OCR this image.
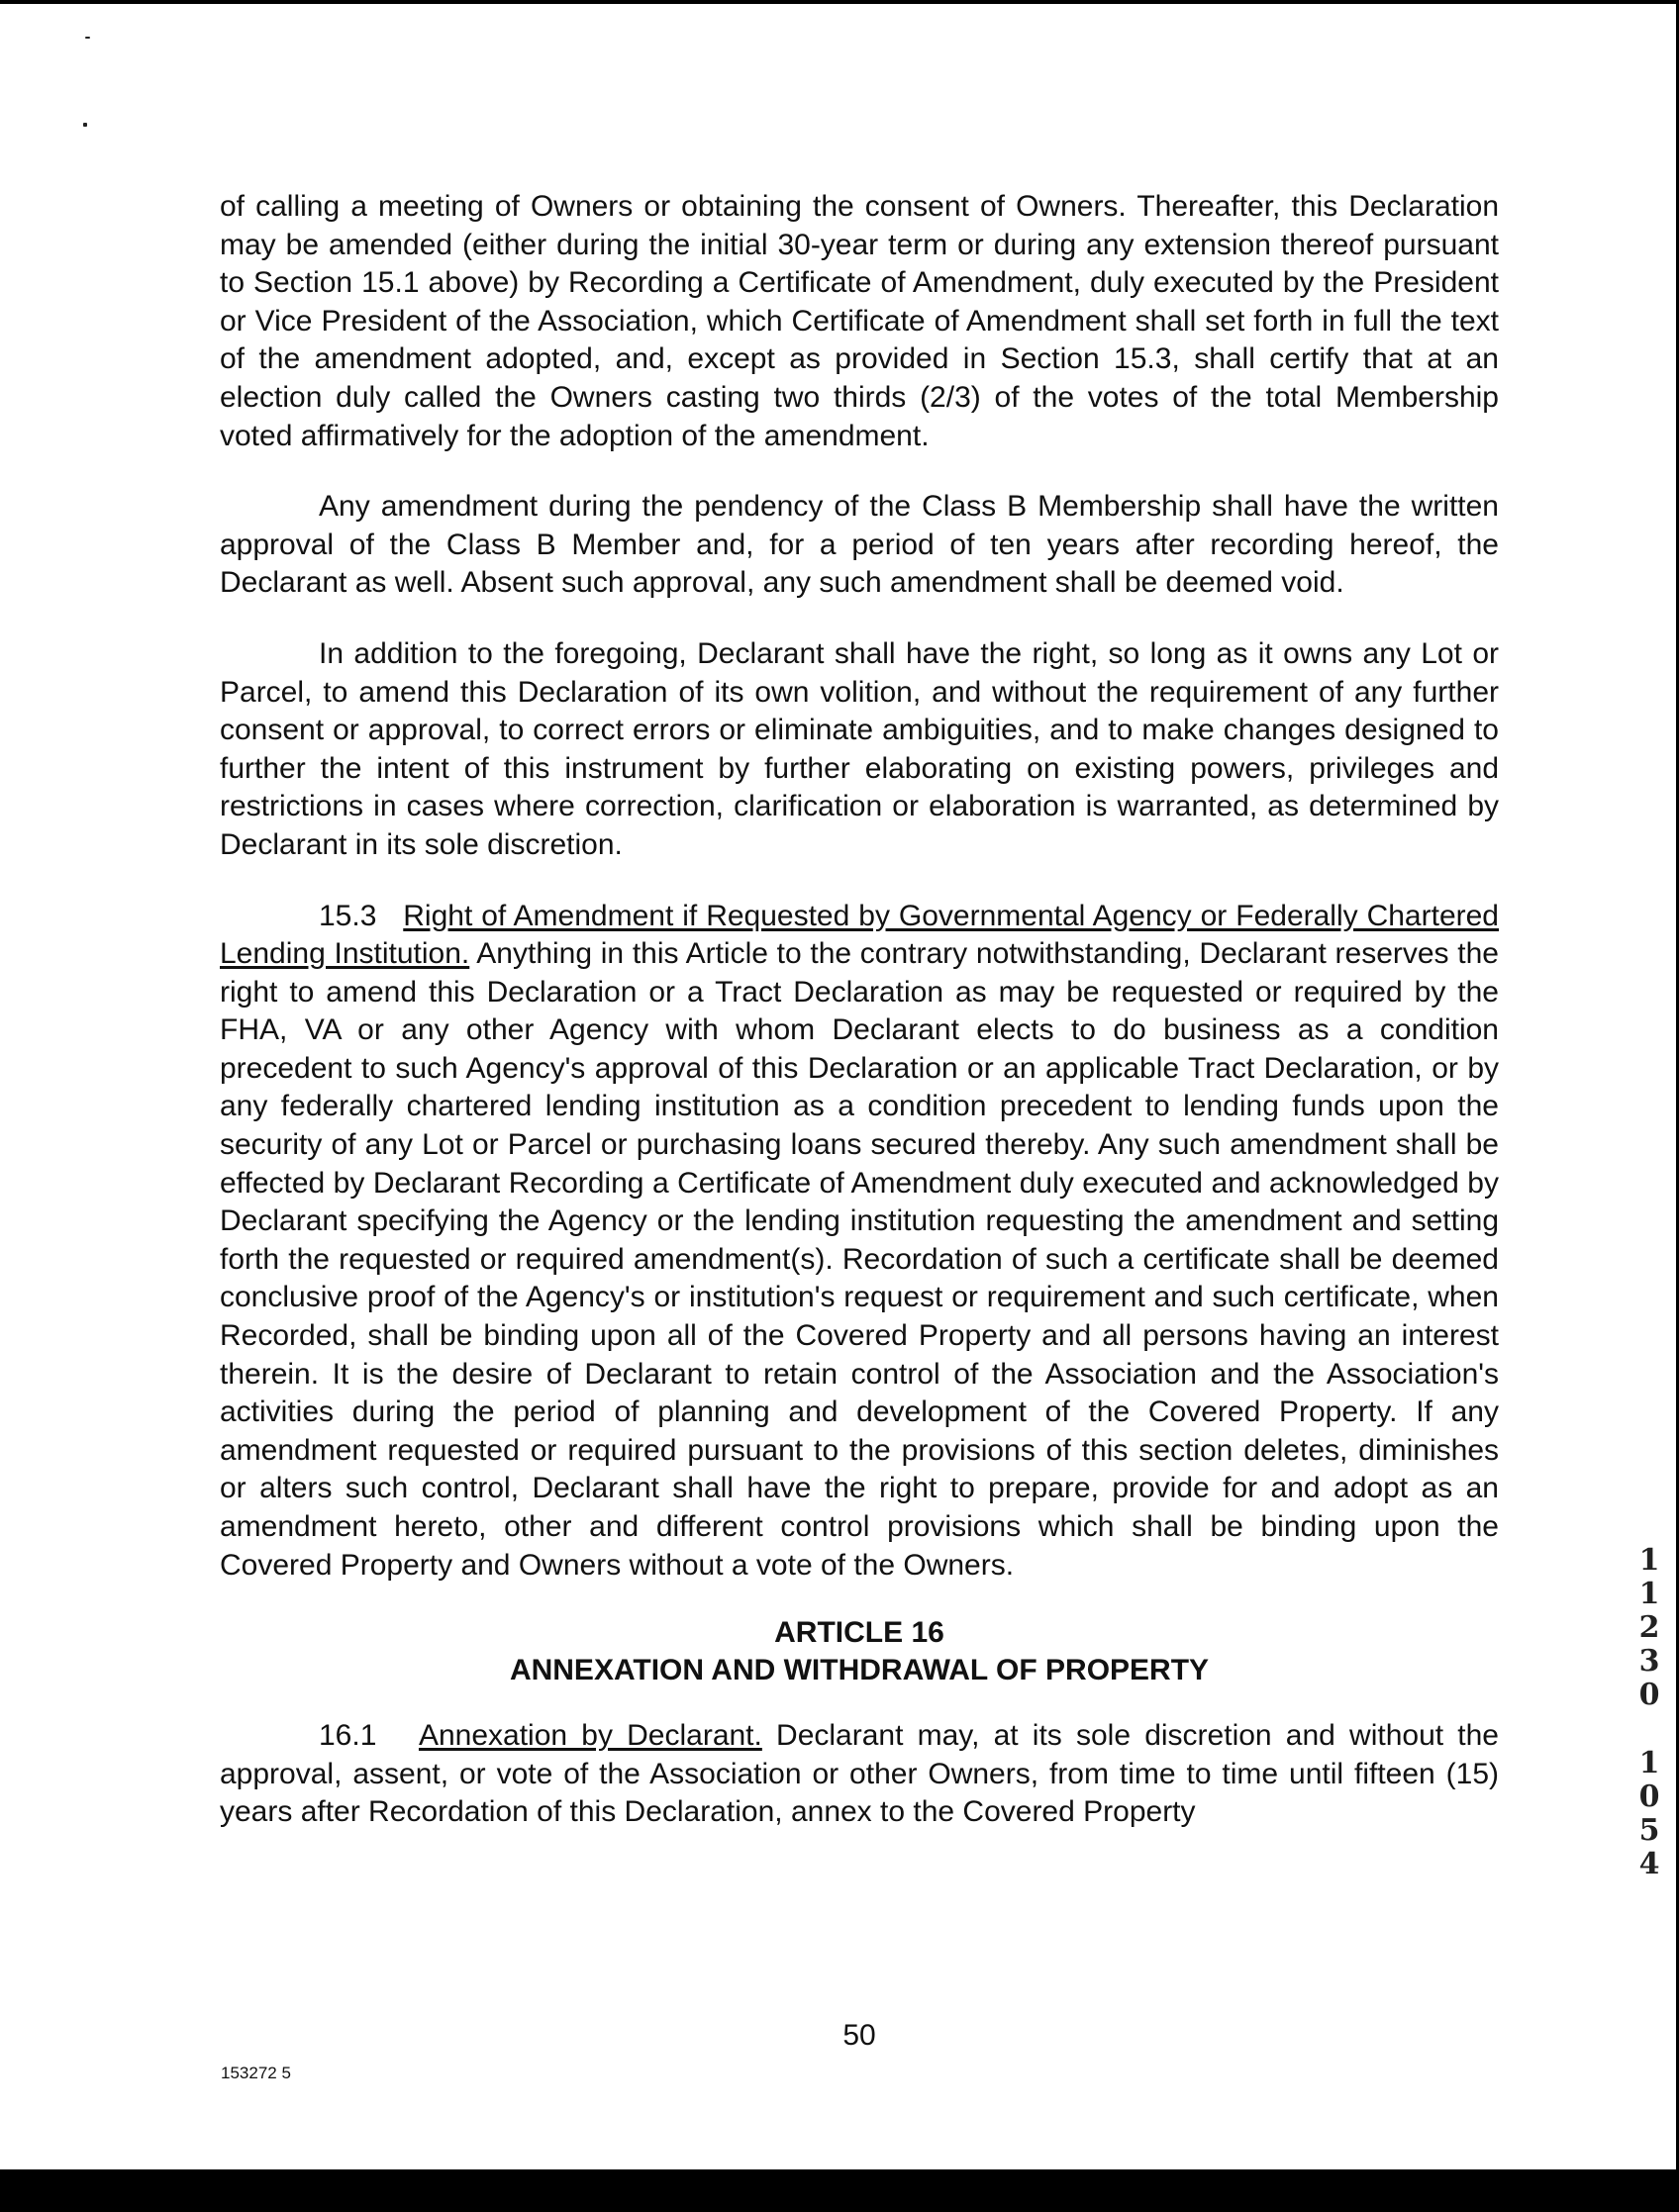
of calling a meeting of Owners or obtaining the consent of Owners. Thereafter, this Declaration may be amended (either during the initial 30-year term or during any extension thereof pursuant to Section 15.1 above) by Recording a Certificate of Amendment, duly executed by the President or Vice President of the Association, which Certificate of Amendment shall set forth in full the text of the amendment adopted, and, except as provided in Section 15.3, shall certify that at an election duly called the Owners casting two thirds (2/3) of the votes of the total Membership voted affirmatively for the adoption of the amendment.

Any amendment during the pendency of the Class B Membership shall have the written approval of the Class B Member and, for a period of ten years after recording hereof, the Declarant as well. Absent such approval, any such amendment shall be deemed void.

In addition to the foregoing, Declarant shall have the right, so long as it owns any Lot or Parcel, to amend this Declaration of its own volition, and without the requirement of any further consent or approval, to correct errors or eliminate ambiguities, and to make changes designed to further the intent of this instrument by further elaborating on existing powers, privileges and restrictions in cases where correction, clarification or elaboration is warranted, as determined by Declarant in its sole discretion.

15.3 Right of Amendment if Requested by Governmental Agency or Federally Chartered Lending Institution. Anything in this Article to the contrary notwithstanding, Declarant reserves the right to amend this Declaration or a Tract Declaration as may be requested or required by the FHA, VA or any other Agency with whom Declarant elects to do business as a condition precedent to such Agency's approval of this Declaration or an applicable Tract Declaration, or by any federally chartered lending institution as a condition precedent to lending funds upon the security of any Lot or Parcel or purchasing loans secured thereby. Any such amendment shall be effected by Declarant Recording a Certificate of Amendment duly executed and acknowledged by Declarant specifying the Agency or the lending institution requesting the amendment and setting forth the requested or required amendment(s). Recordation of such a certificate shall be deemed conclusive proof of the Agency's or institution's request or requirement and such certificate, when Recorded, shall be binding upon all of the Covered Property and all persons having an interest therein. It is the desire of Declarant to retain control of the Association and the Association's activities during the period of planning and development of the Covered Property. If any amendment requested or required pursuant to the provisions of this section deletes, diminishes or alters such control, Declarant shall have the right to prepare, provide for and adopt as an amendment hereto, other and different control provisions which shall be binding upon the Covered Property and Owners without a vote of the Owners.

ARTICLE 16
ANNEXATION AND WITHDRAWAL OF PROPERTY

16.1 Annexation by Declarant. Declarant may, at its sole discretion and without the approval, assent, or vote of the Association or other Owners, from time to time until fifteen (15) years after Recordation of this Declaration, annex to the Covered Property

50
153272 5
1
1
2
3
0
1
0
5
4
